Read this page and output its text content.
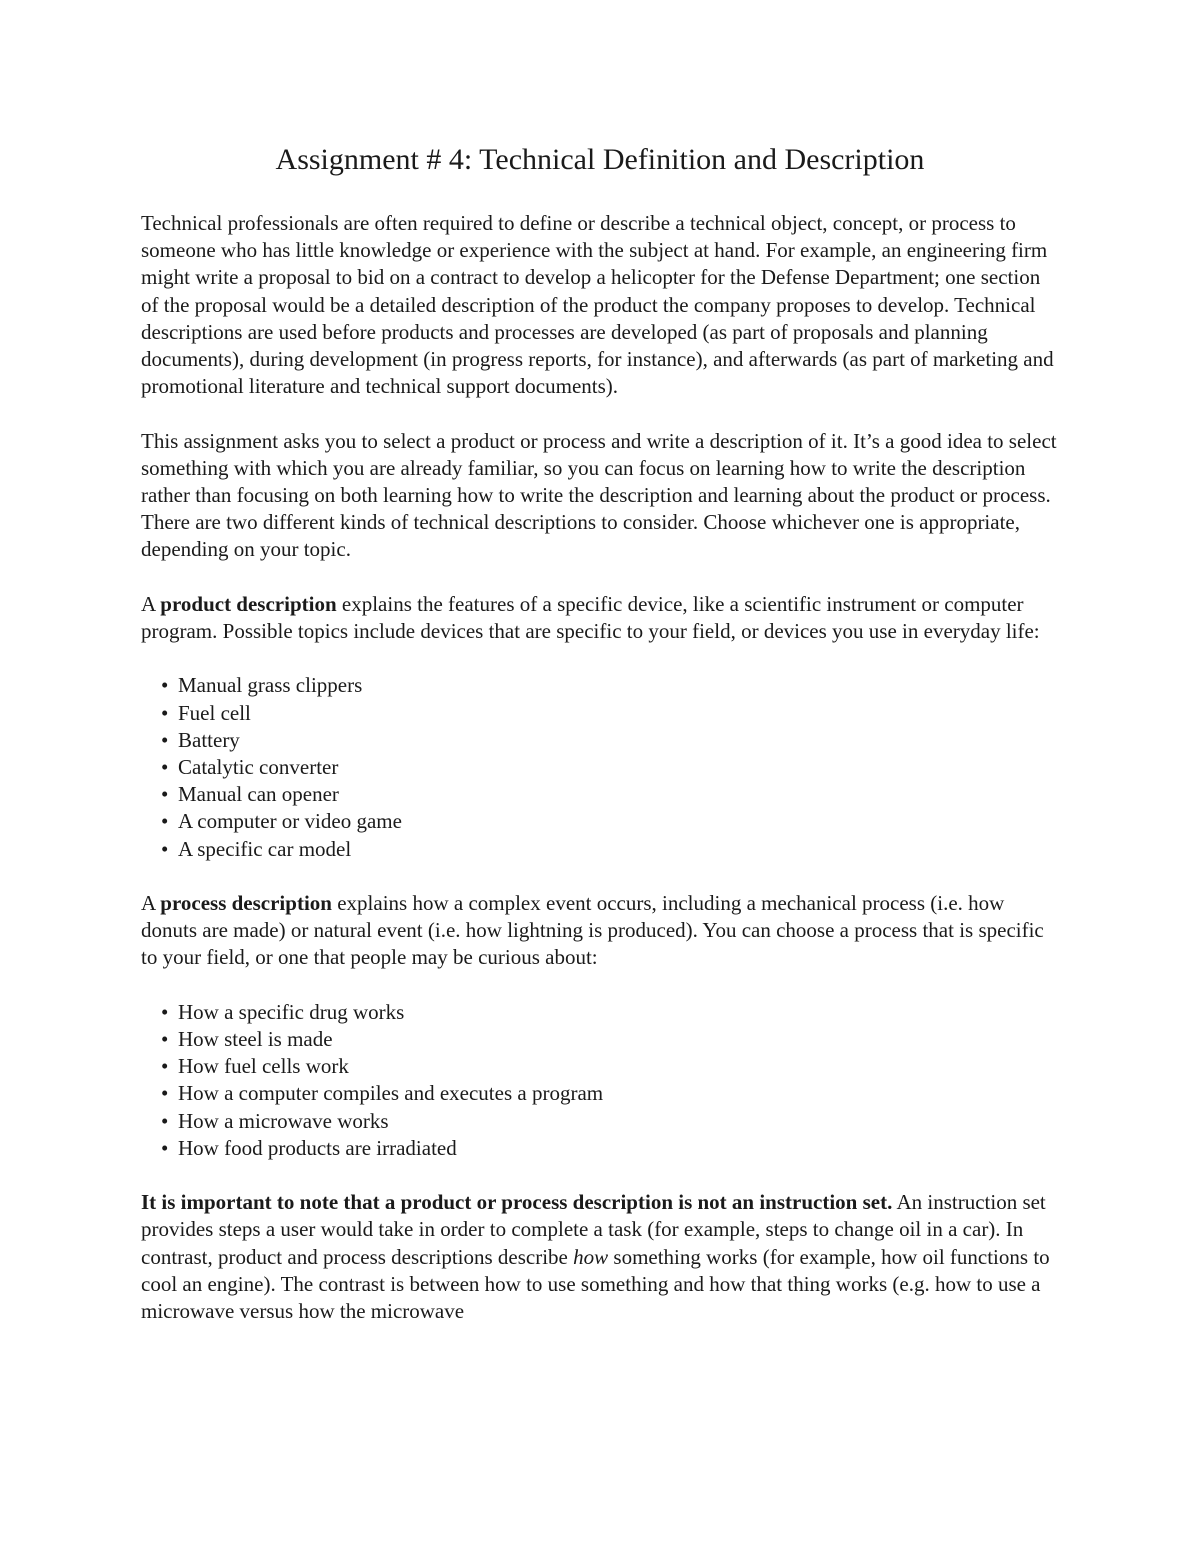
Assignment # 4: Technical Definition and Description

Technical professionals are often required to define or describe a technical object, concept, or process to someone who has little knowledge or experience with the subject at hand. For example, an engineering firm might write a proposal to bid on a contract to develop a helicopter for the Defense Department; one section of the proposal would be a detailed description of the product the company proposes to develop. Technical descriptions are used before products and processes are developed (as part of proposals and planning documents), during development (in progress reports, for instance), and afterwards (as part of marketing and promotional literature and technical support documents).

This assignment asks you to select a product or process and write a description of it. It’s a good idea to select something with which you are already familiar, so you can focus on learning how to write the description rather than focusing on both learning how to write the description and learning about the product or process. There are two different kinds of technical descriptions to consider. Choose whichever one is appropriate, depending on your topic.

A product description explains the features of a specific device, like a scientific instrument or computer program. Possible topics include devices that are specific to your field, or devices you use in everyday life:

• Manual grass clippers
• Fuel cell
• Battery
• Catalytic converter
• Manual can opener
• A computer or video game
• A specific car model

A process description explains how a complex event occurs, including a mechanical process (i.e. how donuts are made) or natural event (i.e. how lightning is produced). You can choose a process that is specific to your field, or one that people may be curious about:

• How a specific drug works
• How steel is made
• How fuel cells work
• How a computer compiles and executes a program
• How a microwave works
• How food products are irradiated

It is important to note that a product or process description is not an instruction set. An instruction set provides steps a user would take in order to complete a task (for example, steps to change oil in a car). In contrast, product and process descriptions describe how something works (for example, how oil functions to cool an engine). The contrast is between how to use something and how that thing works (e.g. how to use a microwave versus how the microwave
